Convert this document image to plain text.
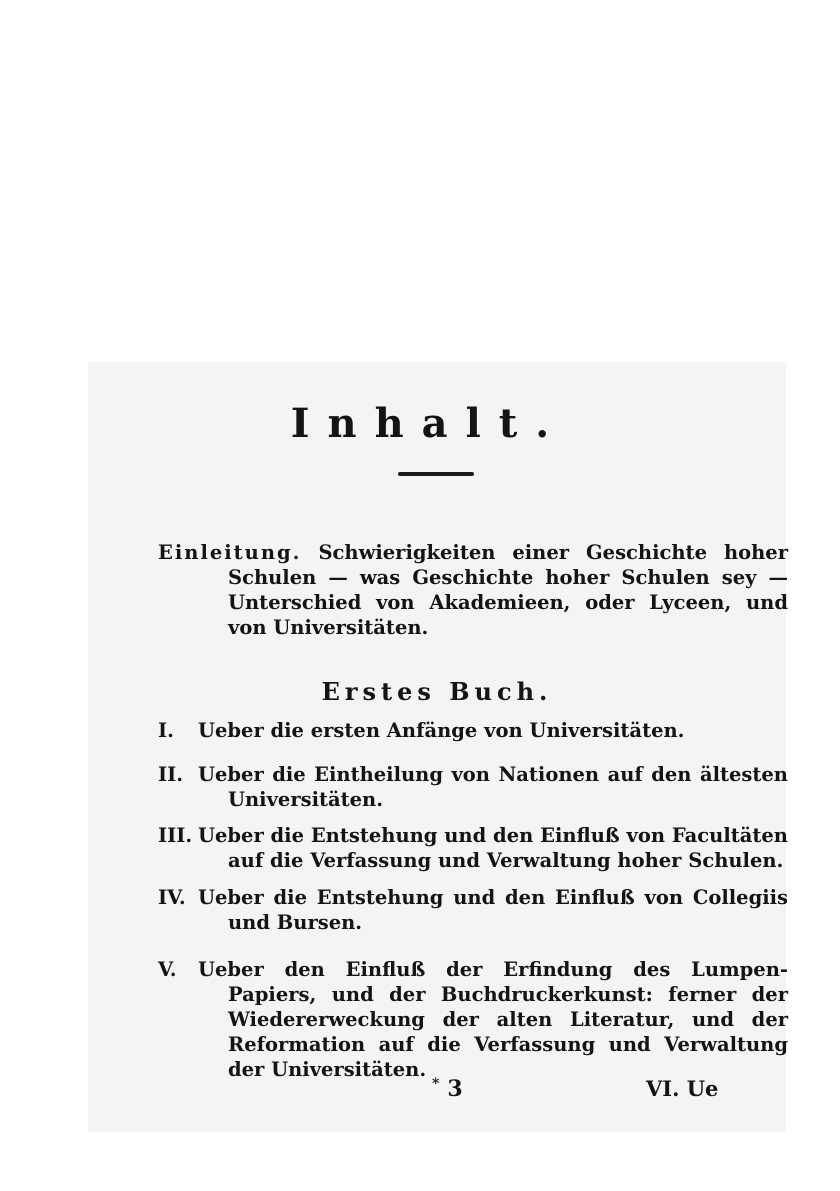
Inhalt.
Einleitung. Schwierigkeiten einer Geschichte hoher Schulen — was Geschichte hoher Schulen sey — Unterschied von Akademieen, oder Lyceen, und von Universitäten.
Erstes Buch.
I. Ueber die ersten Anfänge von Universitäten.
II. Ueber die Eintheilung von Nationen auf den ältesten Universitäten.
III. Ueber die Entstehung und den Einfluß von Facultäten auf die Verfassung und Verwaltung hoher Schulen.
IV. Ueber die Entstehung und den Einfluß von Collegiis und Bursen.
V. Ueber den Einfluß der Erfindung des Lumpen-Papiers, und der Buchdruckerkunst: ferner der Wiedererweckung der alten Literatur, und der Reformation auf die Verfassung und Verwaltung der Universitäten.
* 3	VI. Ue
